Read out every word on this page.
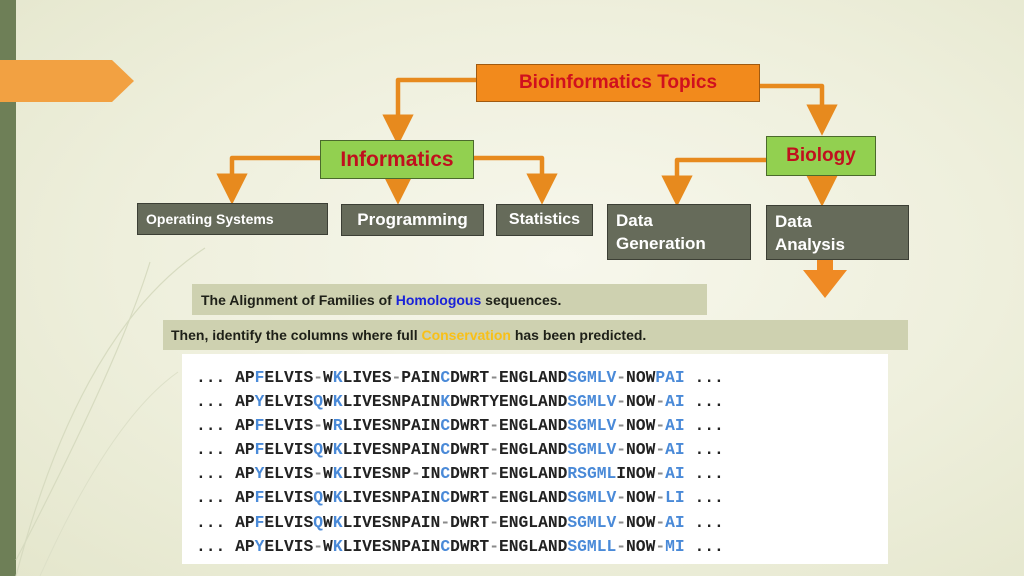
Bioinformatics Topics
Informatics	Biology
Operating Systems	Programming	Statistics Data
Generation
Data
Analysis
The Alignment of Families of Homologous sequences.
Then, identify the columns where full Conservation has been predicted.
... APFELVIS-WKLIVES-PAINCDWRT-ENGLANDSGMLV-NOWPAI ...
... APYELVISQWKLIVESNPAINKDWRTYENGLANDSGMLV-NOW-AI ...
... APFELVIS-WRLIVESNPAINCDWRT-ENGLANDSGMLV-NOW-AI ...
... APFELVISQWKLIVESNPAINCDWRT-ENGLANDSGMLV-NOW-AI ...
... APYELVIS-WKLIVESNP-INCDWRT-ENGLANDRSGMLINOW-AI ...
... APFELVISQWKLIVESNPAINCDWRT-ENGLANDSGMLV-NOW-LI ...
... APFELVISQWKLIVESNPAIN-DWRT-ENGLANDSGMLV-NOW-AI ...
... APYELVIS-WKLIVESNPAINCDWRT-ENGLANDSGMLL-NOW-MI ...
